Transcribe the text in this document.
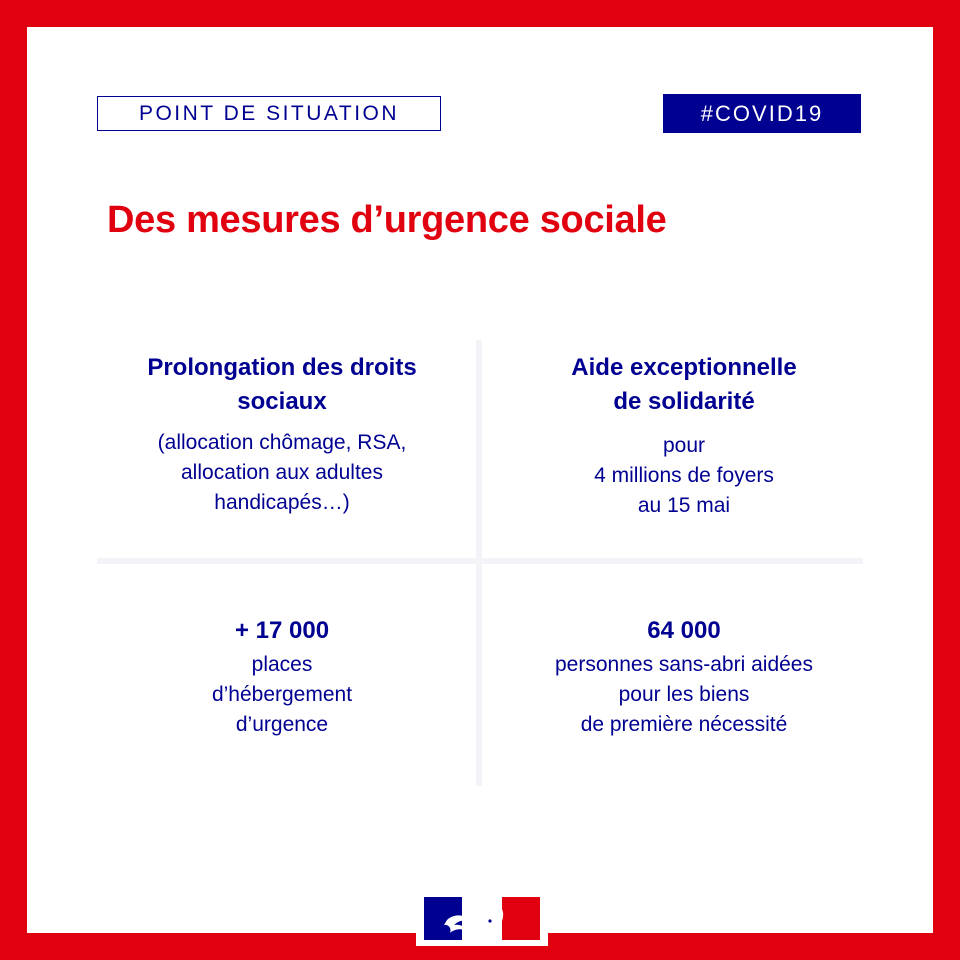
POINT DE SITUATION	#COVID19
Des mesures d’urgence sociale
Prolongation des droits
sociaux
(allocation chômage, RSA,
allocation aux adultes
handicapés…)
Aide exceptionnelle
de solidarité
pour
4 millions de foyers
au 15 mai
+ 17 000
places
d’hébergement
d’urgence
64 000
personnes sans-abri aidées
pour les biens
de première nécessité
